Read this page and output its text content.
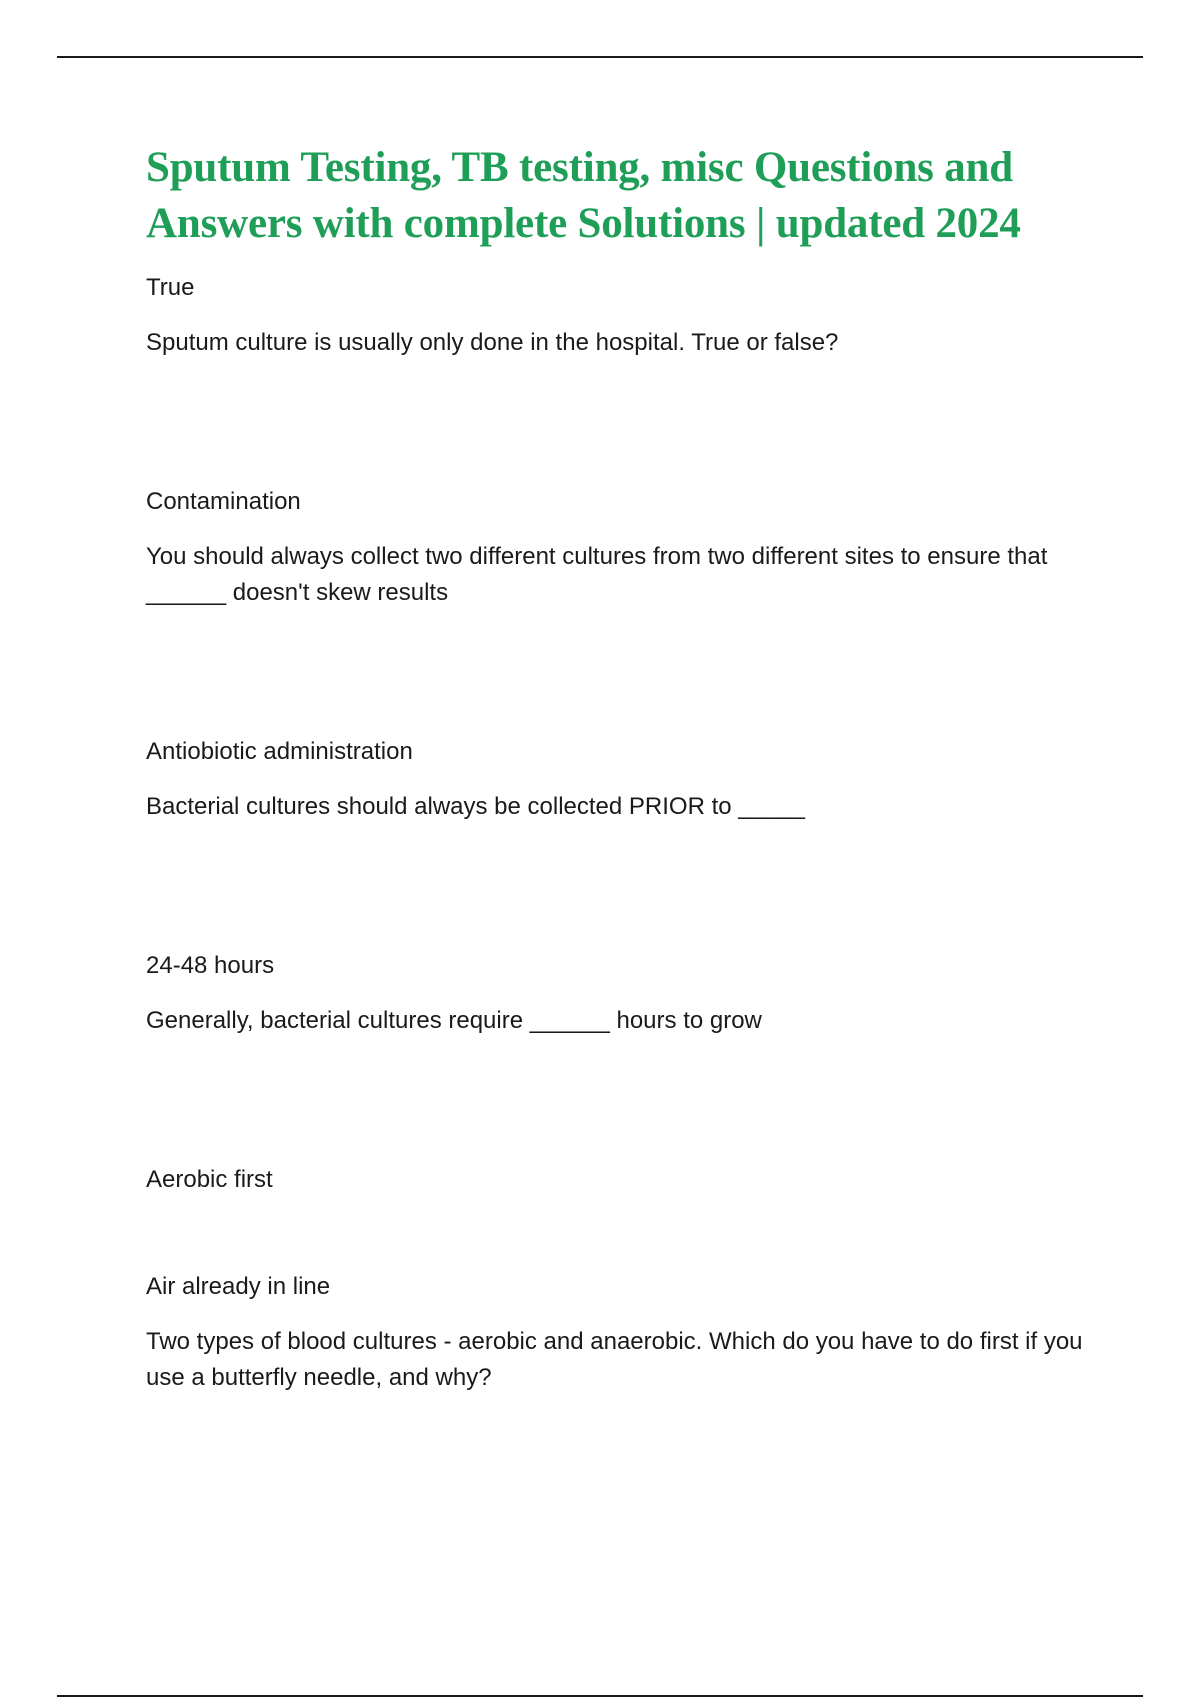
Sputum Testing, TB testing, misc Questions and Answers with complete Solutions | updated 2024

True

Sputum culture is usually only done in the hospital. True or false?

Contamination

You should always collect two different cultures from two different sites to ensure that ______ doesn't skew results

Antiobiotic administration

Bacterial cultures should always be collected PRIOR to _____

24-48 hours

Generally, bacterial cultures require ______ hours to grow

Aerobic first

Air already in line

Two types of blood cultures - aerobic and anaerobic. Which do you have to do first if you use a butterfly needle, and why?
